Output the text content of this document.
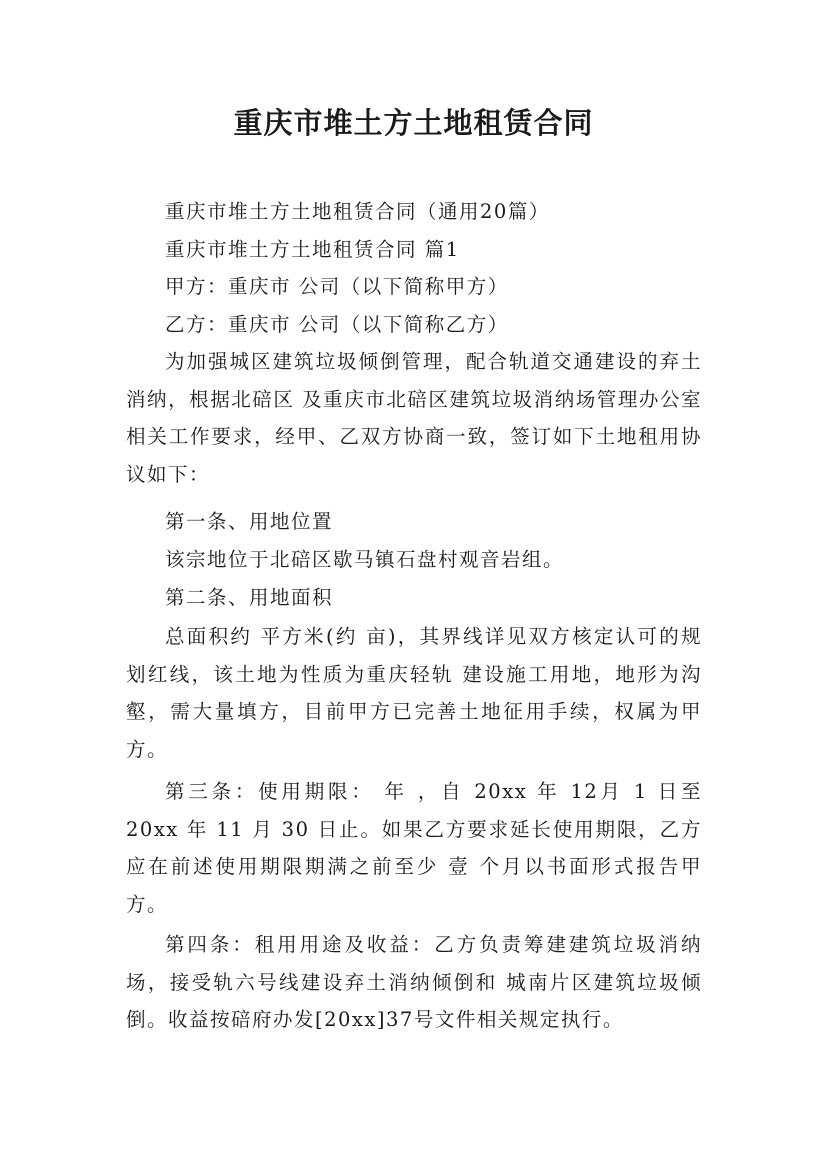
重庆市堆土方土地租赁合同

重庆市堆土方土地租赁合同（通用20篇）

重庆市堆土方土地租赁合同 篇1

甲方：重庆市 公司（以下简称甲方）

乙方：重庆市 公司（以下简称乙方）

为加强城区建筑垃圾倾倒管理，配合轨道交通建设的弃土消纳，根据北碚区 及重庆市北碚区建筑垃圾消纳场管理办公室相关工作要求，经甲、乙双方协商一致，签订如下土地租用协议如下：

第一条、用地位置

该宗地位于北碚区歇马镇石盘村观音岩组。

第二条、用地面积

总面积约 平方米(约 亩)，其界线详见双方核定认可的规划红线，该土地为性质为重庆轻轨 建设施工用地，地形为沟壑，需大量填方，目前甲方已完善土地征用手续，权属为甲方。

第三条：使用期限： 年 ，自 20xx 年 12月 1 日至20xx 年 11 月 30 日止。如果乙方要求延长使用期限，乙方应在前述使用期限期满之前至少 壹 个月以书面形式报告甲方。

第四条：租用用途及收益：乙方负责筹建建筑垃圾消纳场，接受轨六号线建设弃土消纳倾倒和 城南片区建筑垃圾倾倒。收益按碚府办发[20xx]37号文件相关规定执行。
